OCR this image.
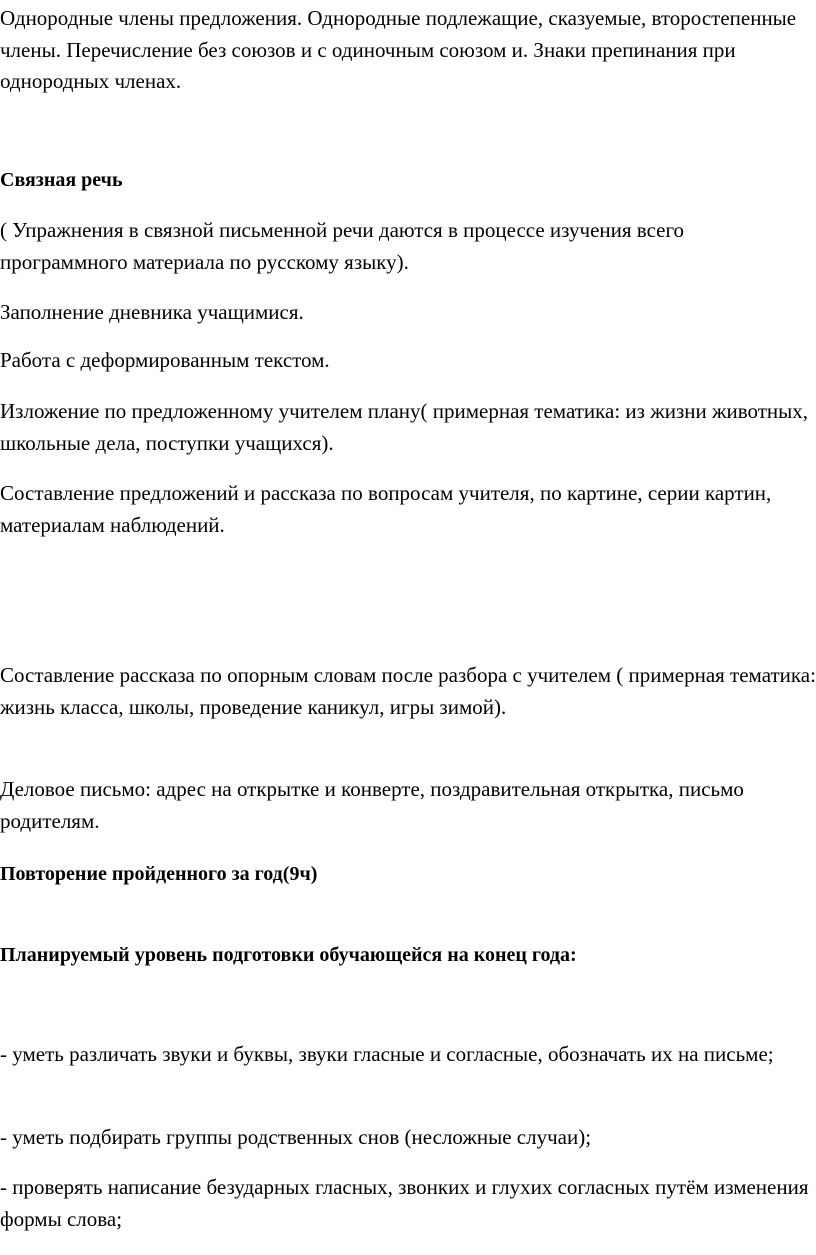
Однородные члены предложения. Однородные подлежащие, сказуемые, второстепенные члены. Перечисление без союзов и с одиночным союзом и. Знаки препинания при однородных членах.

Связная речь

( Упражнения в связной письменной речи даются в процессе изучения всего программного материала по русскому языку).

Заполнение дневника учащимися.

Работа с деформированным текстом.

Изложение по предложенному учителем плану( примерная тематика: из жизни животных, школьные дела, поступки учащихся).

Составление предложений и рассказа по вопросам учителя, по картине, серии картин, материалам наблюдений.

Составление рассказа по опорным словам после разбора с учителем ( примерная тематика: жизнь класса, школы, проведение каникул, игры зимой).

Деловое письмо: адрес на открытке и конверте, поздравительная открытка, письмо родителям.

Повторение пройденного за год(9ч)

Планируемый уровень подготовки обучающейся на конец года:

- уметь различать звуки и буквы, звуки гласные и согласные, обозначать их на письме;

- уметь подбирать группы родственных снов (несложные случаи);

- проверять написание безударных гласных, звонких и глухих согласных путём изменения формы слова;
